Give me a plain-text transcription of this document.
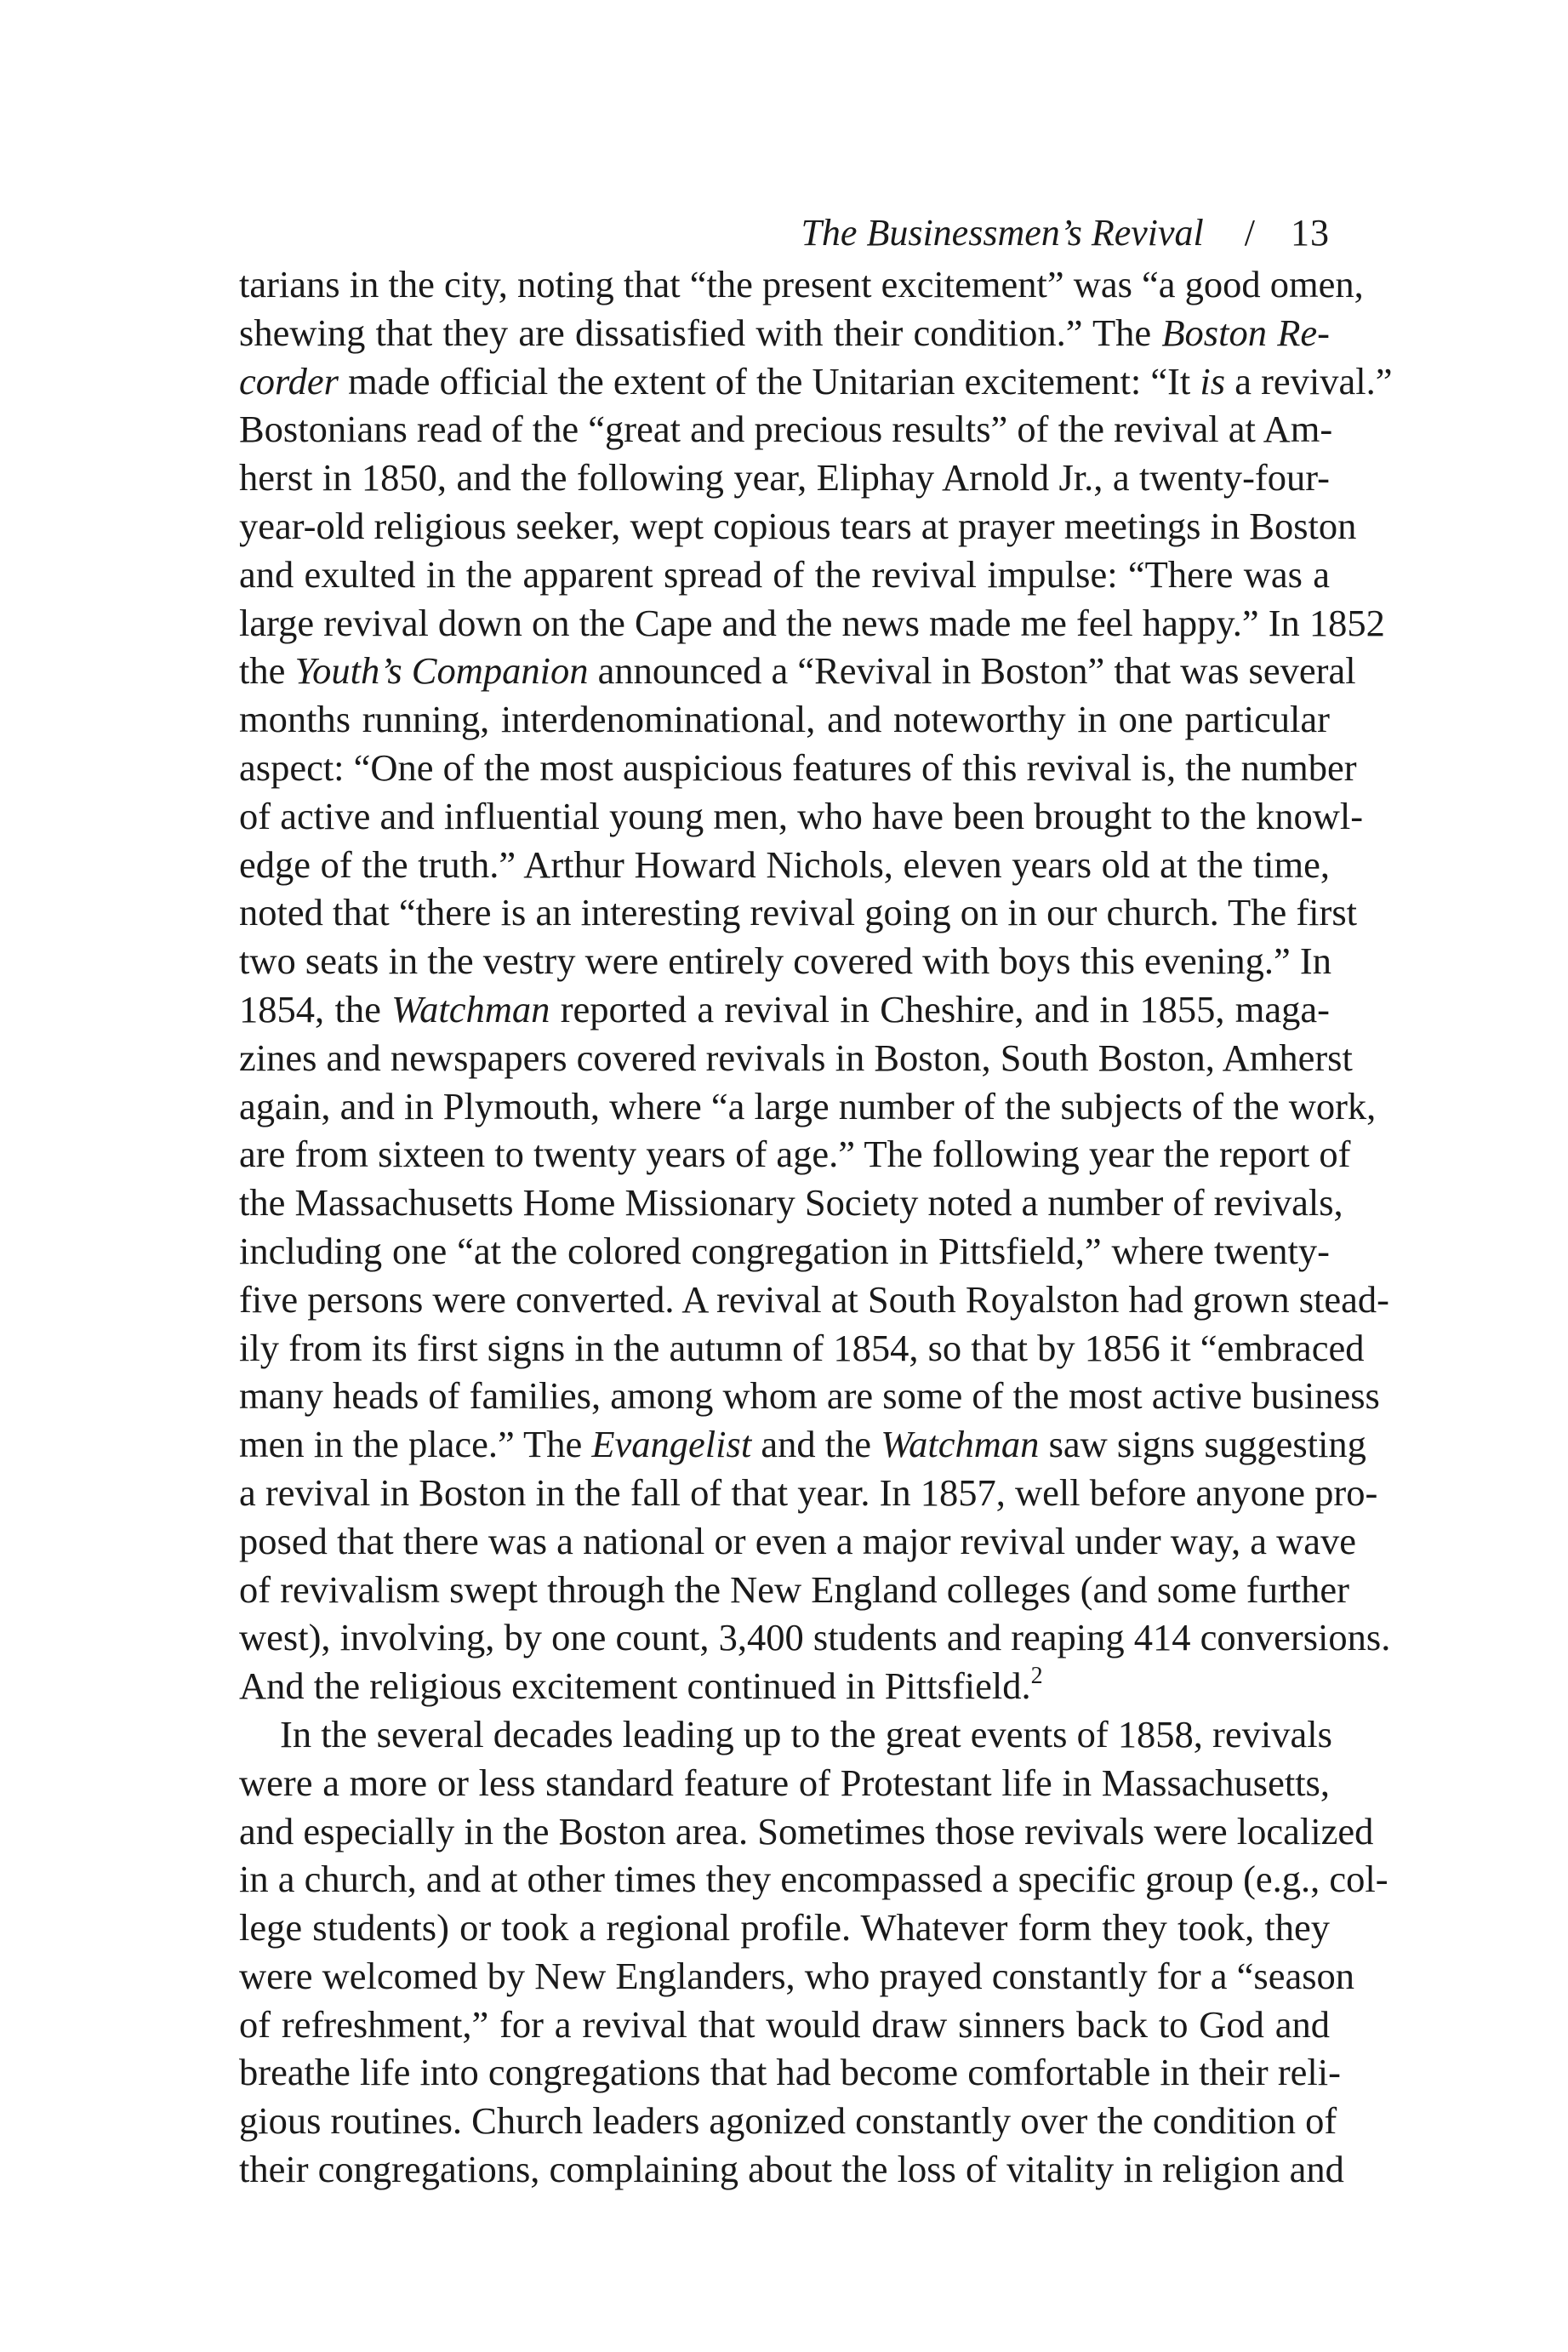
The Businessmen’s Revival / 13
tarians in the city, noting that “the present excitement” was “a good omen,
shewing that they are dissatisfied with their condition.” The Boston Re-
corder made official the extent of the Unitarian excitement: “It is a revival.”
Bostonians read of the “great and precious results” of the revival at Am-
herst in 1850, and the following year, Eliphay Arnold Jr., a twenty-four-
year-old religious seeker, wept copious tears at prayer meetings in Boston
and exulted in the apparent spread of the revival impulse: “There was a
large revival down on the Cape and the news made me feel happy.” In 1852
the Youth’s Companion announced a “Revival in Boston” that was several
months running, interdenominational, and noteworthy in one particular
aspect: “One of the most auspicious features of this revival is, the number
of active and influential young men, who have been brought to the knowl-
edge of the truth.” Arthur Howard Nichols, eleven years old at the time,
noted that “there is an interesting revival going on in our church. The first
two seats in the vestry were entirely covered with boys this evening.” In
1854, the Watchman reported a revival in Cheshire, and in 1855, maga-
zines and newspapers covered revivals in Boston, South Boston, Amherst
again, and in Plymouth, where “a large number of the subjects of the work,
are from sixteen to twenty years of age.” The following year the report of
the Massachusetts Home Missionary Society noted a number of revivals,
including one “at the colored congregation in Pittsfield,” where twenty-
five persons were converted. A revival at South Royalston had grown stead-
ily from its first signs in the autumn of 1854, so that by 1856 it “embraced
many heads of families, among whom are some of the most active business
men in the place.” The Evangelist and the Watchman saw signs suggesting
a revival in Boston in the fall of that year. In 1857, well before anyone pro-
posed that there was a national or even a major revival under way, a wave
of revivalism swept through the New England colleges (and some further
west), involving, by one count, 3,400 students and reaping 414 conversions.
And the religious excitement continued in Pittsfield.$^2$
In the several decades leading up to the great events of 1858, revivals
were a more or less standard feature of Protestant life in Massachusetts,
and especially in the Boston area. Sometimes those revivals were localized
in a church, and at other times they encompassed a specific group (e.g., col-
lege students) or took a regional profile. Whatever form they took, they
were welcomed by New Englanders, who prayed constantly for a “season
of refreshment,” for a revival that would draw sinners back to God and
breathe life into congregations that had become comfortable in their reli-
gious routines. Church leaders agonized constantly over the condition of
their congregations, complaining about the loss of vitality in religion and
